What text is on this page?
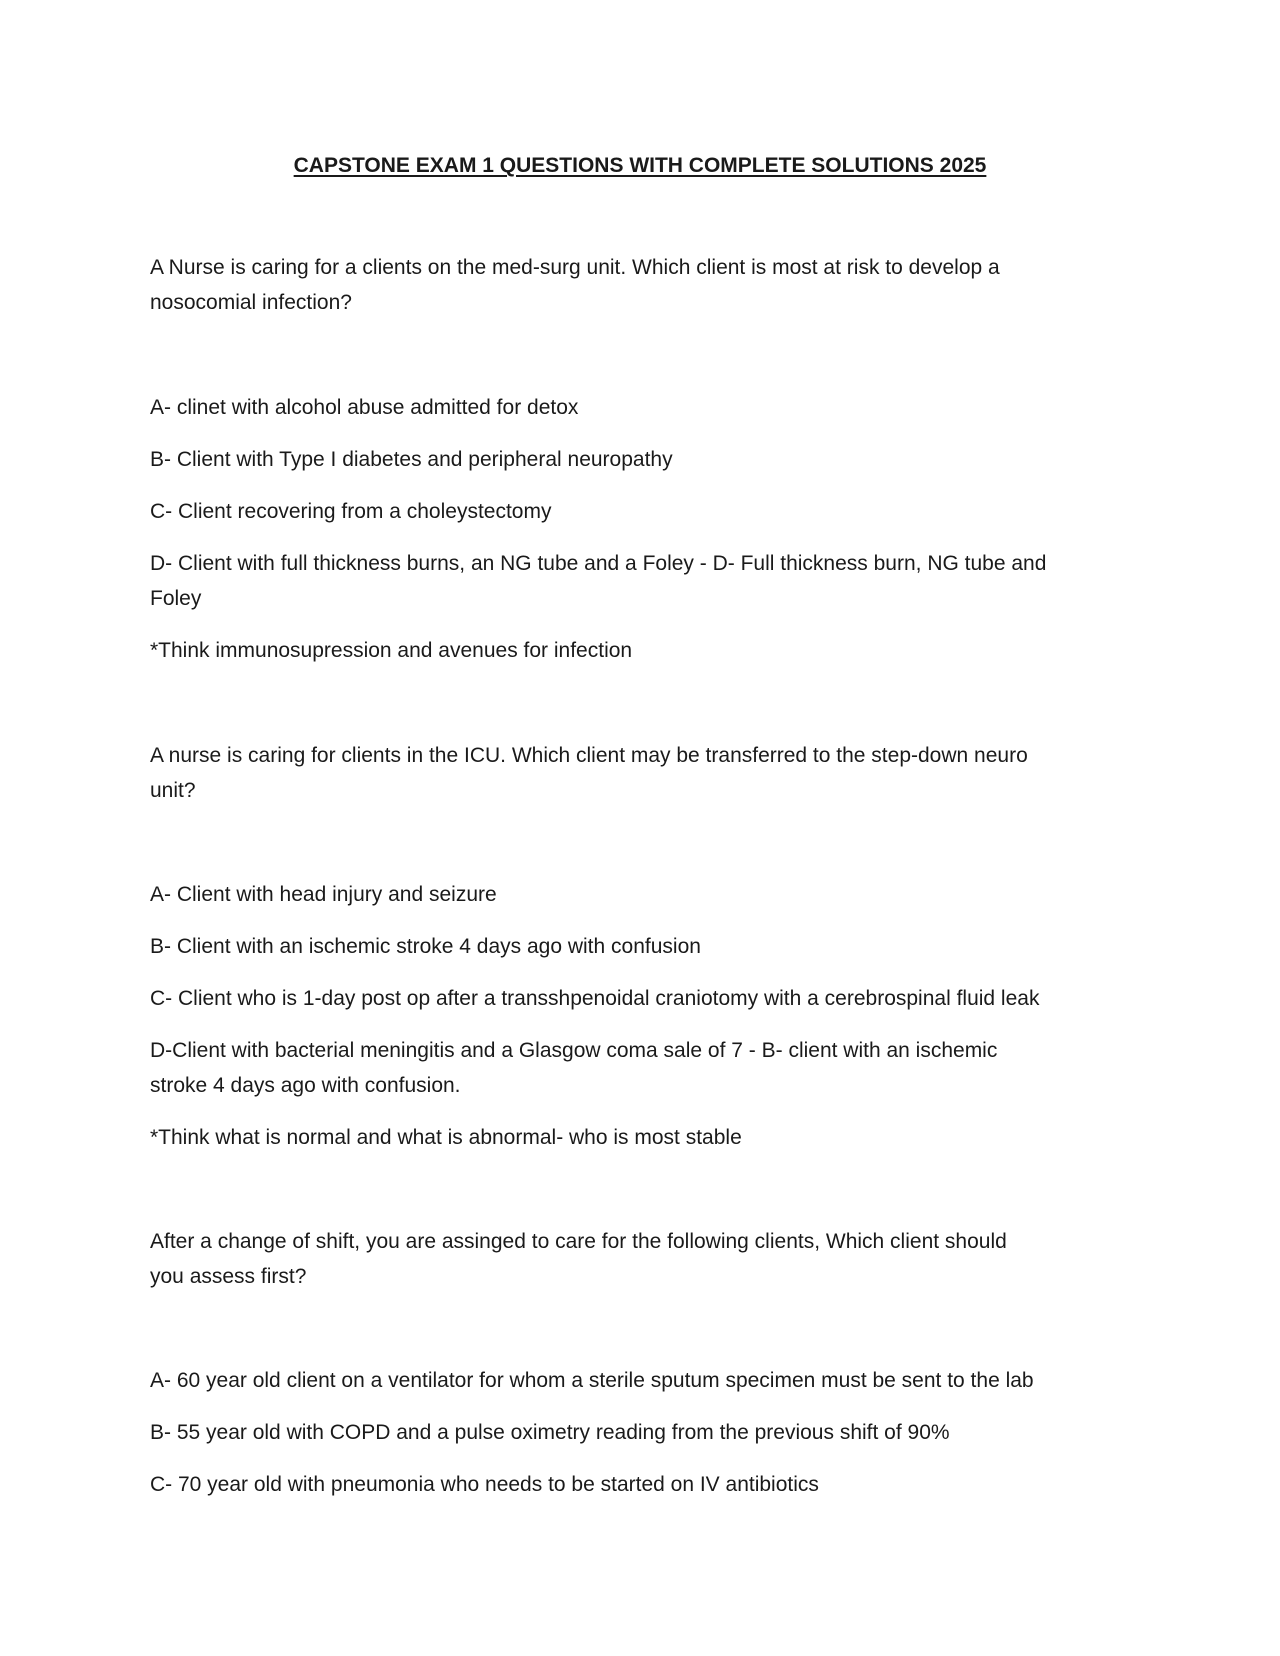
CAPSTONE EXAM 1 QUESTIONS WITH COMPLETE SOLUTIONS 2025

A Nurse is caring for a clients on the med-surg unit. Which client is most at risk to develop a

nosocomial infection?

A- clinet with alcohol abuse admitted for detox

B- Client with Type I diabetes and peripheral neuropathy

C- Client recovering from a choleystectomy

D- Client with full thickness burns, an NG tube and a Foley - D- Full thickness burn, NG tube and

Foley

*Think immunosupression and avenues for infection

A nurse is caring for clients in the ICU. Which client may be transferred to the step-down neuro

unit?

A- Client with head injury and seizure

B- Client with an ischemic stroke 4 days ago with confusion

C- Client who is 1-day post op after a transshpenoidal craniotomy with a cerebrospinal fluid leak

D-Client with bacterial meningitis and a Glasgow coma sale of 7 - B- client with an ischemic

stroke 4 days ago with confusion.

*Think what is normal and what is abnormal- who is most stable

After a change of shift, you are assinged to care for the following clients, Which client should

you assess first?

A- 60 year old client on a ventilator for whom a sterile sputum specimen must be sent to the lab

B- 55 year old with COPD and a pulse oximetry reading from the previous shift of 90%

C- 70 year old with pneumonia who needs to be started on IV antibiotics
